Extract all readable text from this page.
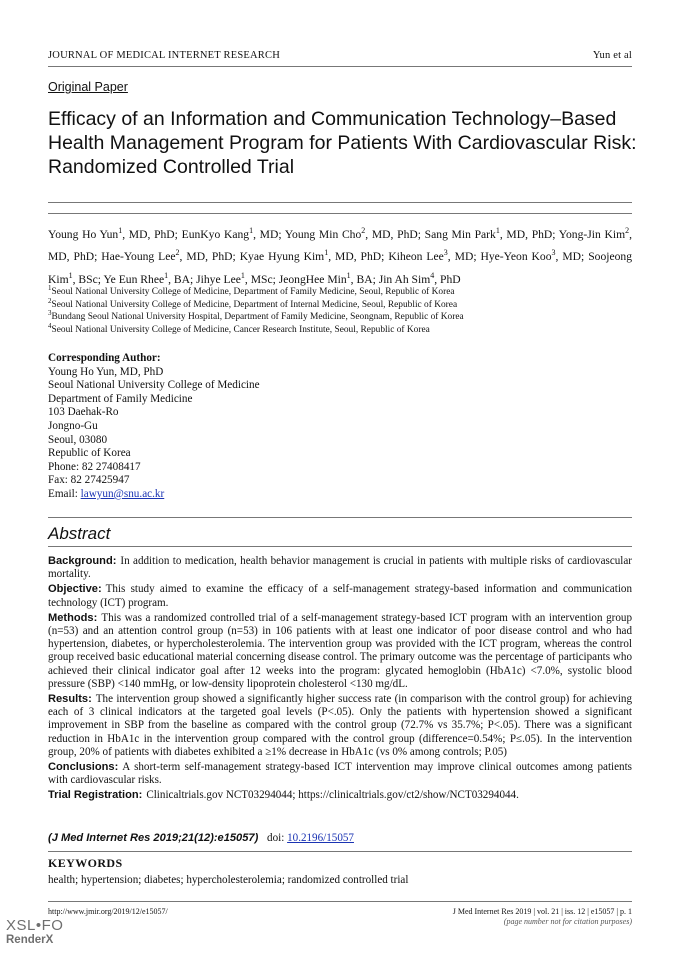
JOURNAL OF MEDICAL INTERNET RESEARCH	Yun et al
Original Paper
Efficacy of an Information and Communication Technology–Based Health Management Program for Patients With Cardiovascular Risk: Randomized Controlled Trial
Young Ho Yun$^1$, MD, PhD; EunKyo Kang$^1$, MD; Young Min Cho$^2$, MD, PhD; Sang Min Park$^1$, MD, PhD; Yong-Jin Kim$^2$, MD, PhD; Hae-Young Lee$^2$, MD, PhD; Kyae Hyung Kim$^1$, MD, PhD; Kiheon Lee$^3$, MD; Hye-Yeon Koo$^3$, MD; Soojeong Kim$^1$, BSc; Ye Eun Rhee$^1$, BA; Jihye Lee$^1$, MSc; JeongHee Min$^1$, BA; Jin Ah Sim$^4$, PhD
$^1$Seoul National University College of Medicine, Department of Family Medicine, Seoul, Republic of Korea
$^2$Seoul National University College of Medicine, Department of Internal Medicine, Seoul, Republic of Korea
$^3$Bundang Seoul National University Hospital, Department of Family Medicine, Seongnam, Republic of Korea
$^4$Seoul National University College of Medicine, Cancer Research Institute, Seoul, Republic of Korea
Corresponding Author:
Young Ho Yun, MD, PhD
Seoul National University College of Medicine
Department of Family Medicine
103 Daehak-Ro
Jongno-Gu
Seoul, 03080
Republic of Korea
Phone: 82 27408417
Fax: 82 27425947
Email: lawyun@snu.ac.kr
Abstract

Background: In addition to medication, health behavior management is crucial in patients with multiple risks of cardiovascular mortality.

Objective: This study aimed to examine the efficacy of a self-management strategy-based information and communication technology (ICT) program.

Methods: This was a randomized controlled trial of a self-management strategy-based ICT program with an intervention group (n=53) and an attention control group (n=53) in 106 patients with at least one indicator of poor disease control and who had hypertension, diabetes, or hypercholesterolemia. The intervention group was provided with the ICT program, whereas the control group received basic educational material concerning disease control. The primary outcome was the percentage of participants who achieved their clinical indicator goal after 12 weeks into the program: glycated hemoglobin (HbA1c) <7.0%, systolic blood pressure (SBP) <140 mmHg, or low-density lipoprotein cholesterol <130 mg/dL.

Results: The intervention group showed a significantly higher success rate (in comparison with the control group) for achieving each of 3 clinical indicators at the targeted goal levels (P<.05). Only the patients with hypertension showed a significant improvement in SBP from the baseline as compared with the control group (72.7% vs 35.7%; P<.05). There was a significant reduction in HbA1c in the intervention group compared with the control group (difference=0.54%; P≤.05). In the intervention group, 20% of patients with diabetes exhibited a ≥1% decrease in HbA1c (vs 0% among controls; P.05)

Conclusions: A short-term self-management strategy-based ICT intervention may improve clinical outcomes among patients with cardiovascular risks.

Trial Registration: Clinicaltrials.gov NCT03294044; https://clinicaltrials.gov/ct2/show/NCT03294044.

(J Med Internet Res 2019;21(12):e15057) doi: 10.2196/15057
KEYWORDS
health; hypertension; diabetes; hypercholesterolemia; randomized controlled trial
http://www.jmir.org/2019/12/e15057/	J Med Internet Res 2019 | vol. 21 | iss. 12 | e15057 | p. 1
(page number not for citation purposes)
XSL•FO
RenderX
